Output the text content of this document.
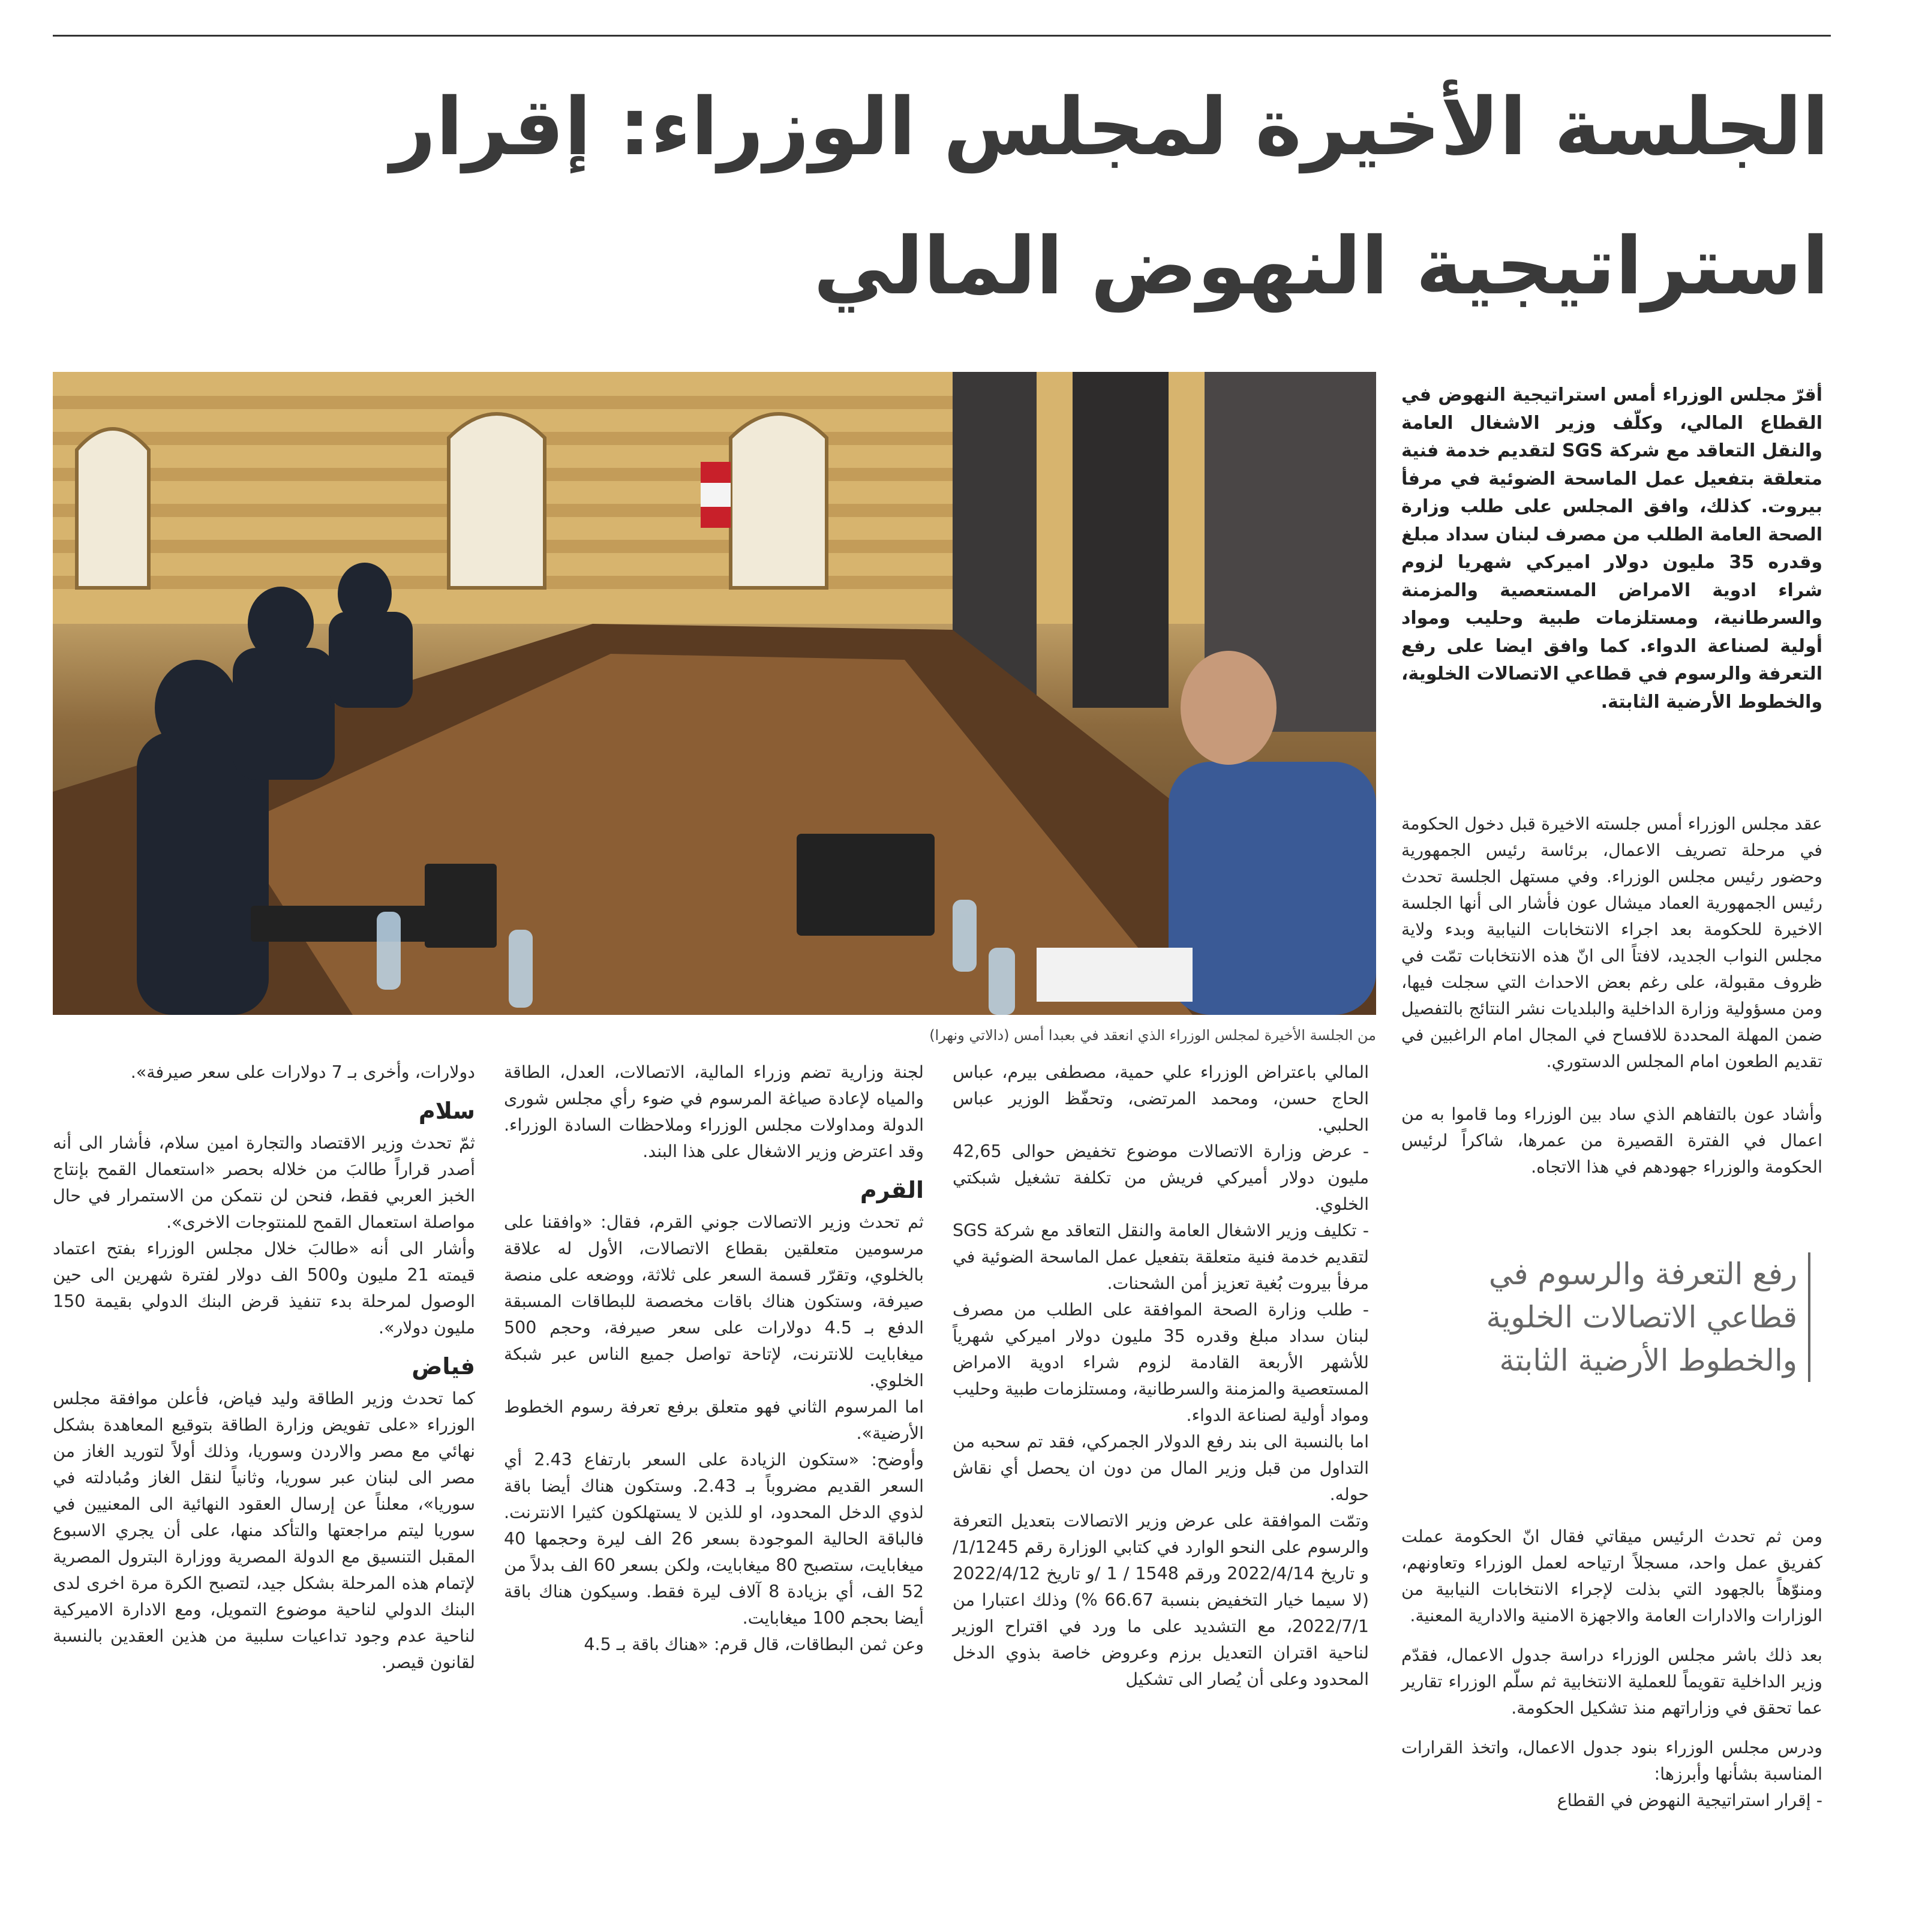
الجلسة الأخيرة لمجلس الوزراء: إقرار استراتيجية النهوض المالي

من الجلسة الأخيرة لمجلس الوزراء الذي انعقد في بعبدا أمس (دالاتي ونهرا)

أقرّ مجلس الوزراء أمس استراتيجية النهوض في القطاع المالي، وكلّف وزير الاشغال العامة والنقل التعاقد مع شركة SGS لتقديم خدمة فنية متعلقة بتفعيل عمل الماسحة الضوئية في مرفأ بيروت. كذلك، وافق المجلس على طلب وزارة الصحة العامة الطلب من مصرف لبنان سداد مبلغ وقدره 35 مليون دولار اميركي شهريا لزوم شراء ادوية الامراض المستعصية والمزمنة والسرطانية، ومستلزمات طبية وحليب ومواد أولية لصناعة الدواء. كما وافق ايضا على رفع التعرفة والرسوم في قطاعي الاتصالات الخلوية، والخطوط الأرضية الثابتة.

عقد مجلس الوزراء أمس جلسته الاخيرة قبل دخول الحكومة في مرحلة تصريف الاعمال، برئاسة رئيس الجمهورية وحضور رئيس مجلس الوزراء. وفي مستهل الجلسة تحدث رئيس الجمهورية العماد ميشال عون فأشار الى أنها الجلسة الاخيرة للحكومة بعد اجراء الانتخابات النيابية وبدء ولاية مجلس النواب الجديد، لافتاً الى انّ هذه الانتخابات تمّت في ظروف مقبولة، على رغم بعض الاحداث التي سجلت فيها، ومن مسؤولية وزارة الداخلية والبلديات نشر النتائج بالتفصيل ضمن المهلة المحددة للافساح في المجال امام الراغبين في تقديم الطعون امام المجلس الدستوري.

وأشاد عون بالتفاهم الذي ساد بين الوزراء وما قاموا به من اعمال في الفترة القصيرة من عمرها، شاكراً لرئيس الحكومة والوزراء جهودهم في هذا الاتجاه.

رفع التعرفة والرسوم في قطاعي الاتصالات الخلوية والخطوط الأرضية الثابتة

ومن ثم تحدث الرئيس ميقاتي فقال انّ الحكومة عملت كفريق عمل واحد، مسجلاً ارتياحه لعمل الوزراء وتعاونهم، ومنوّهاً بالجهود التي بذلت لإجراء الانتخابات النيابية من الوزارات والادارات العامة والاجهزة الامنية والادارية المعنية.

بعد ذلك باشر مجلس الوزراء دراسة جدول الاعمال، فقدّم وزير الداخلية تقويماً للعملية الانتخابية ثم سلّم الوزراء تقارير عما تحقق في وزاراتهم منذ تشكيل الحكومة.

ودرس مجلس الوزراء بنود جدول الاعمال، واتخذ القرارات المناسبة بشأنها وأبرزها:

- إقرار استراتيجية النهوض في القطاع

المالي باعتراض الوزراء علي حمية، مصطفى بيرم، عباس الحاج حسن، ومحمد المرتضى، وتحفّظ الوزير عباس الحلبي.

- عرض وزارة الاتصالات موضوع تخفيض حوالى 42,65 مليون دولار أميركي فريش من تكلفة تشغيل شبكتي الخلوي.

- تكليف وزير الاشغال العامة والنقل التعاقد مع شركة SGS لتقديم خدمة فنية متعلقة بتفعيل عمل الماسحة الضوئية في مرفأ بيروت بُغية تعزيز أمن الشحنات.

- طلب وزارة الصحة الموافقة على الطلب من مصرف لبنان سداد مبلغ وقدره 35 مليون دولار اميركي شهرياً للأشهر الأربعة القادمة لزوم شراء ادوية الامراض المستعصية والمزمنة والسرطانية، ومستلزمات طبية وحليب ومواد أولية لصناعة الدواء.

اما بالنسبة الى بند رفع الدولار الجمركي، فقد تم سحبه من التداول من قبل وزير المال من دون ان يحصل أي نقاش حوله.

وتمّت الموافقة على عرض وزير الاتصالات بتعديل التعرفة والرسوم على النحو الوارد في كتابي الوزارة رقم 1/1245/و تاريخ 2022/4/14 ورقم 1548 / 1 /و تاريخ 2022/4/12 (لا سيما خيار التخفيض بنسبة 66.67 %) وذلك اعتبارا من 2022/7/1، مع التشديد على ما ورد في اقتراح الوزير لناحية اقتران التعديل برزم وعروض خاصة بذوي الدخل المحدود وعلى أن يُصار الى تشكيل

لجنة وزارية تضم وزراء المالية، الاتصالات، العدل، الطاقة والمياه لإعادة صياغة المرسوم في ضوء رأي مجلس شورى الدولة ومداولات مجلس الوزراء وملاحظات السادة الوزراء. وقد اعترض وزير الاشغال على هذا البند.

القرم

ثم تحدث وزير الاتصالات جوني القرم، فقال: «وافقنا على مرسومين متعلقين بقطاع الاتصالات، الأول له علاقة بالخلوي، وتقرّر قسمة السعر على ثلاثة، ووضعه على منصة صيرفة، وستكون هناك باقات مخصصة للبطاقات المسبقة الدفع بـ 4.5 دولارات على سعر صيرفة، وحجم 500 ميغابايت للانترنت، لإتاحة تواصل جميع الناس عبر شبكة الخلوي.

اما المرسوم الثاني فهو متعلق برفع تعرفة رسوم الخطوط الأرضية».

وأوضح: «ستكون الزيادة على السعر بارتفاع 2.43 أي السعر القديم مضروباً بـ 2.43. وستكون هناك أيضا باقة لذوي الدخل المحدود، او للذين لا يستهلكون كثيرا الانترنت. فالباقة الحالية الموجودة بسعر 26 الف ليرة وحجمها 40 ميغابايت، ستصبح 80 ميغابايت، ولكن بسعر 60 الف بدلاً من 52 الف، أي بزيادة 8 آلاف ليرة فقط. وسيكون هناك باقة أيضا بحجم 100 ميغابايت.

وعن ثمن البطاقات، قال قرم: «هناك باقة بـ 4.5

دولارات، وأخرى بـ 7 دولارات على سعر صيرفة».

سلام

ثمّ تحدث وزير الاقتصاد والتجارة امين سلام، فأشار الى أنه أصدر قراراً طالبَ من خلاله بحصر «استعمال القمح بإنتاج الخبز العربي فقط، فنحن لن نتمكن من الاستمرار في حال مواصلة استعمال القمح للمنتوجات الاخرى».

وأشار الى أنه «طالبَ خلال مجلس الوزراء بفتح اعتماد قيمته 21 مليون و500 الف دولار لفترة شهرين الى حين الوصول لمرحلة بدء تنفيذ قرض البنك الدولي بقيمة 150 مليون دولار».

فياض

كما تحدث وزير الطاقة وليد فياض، فأعلن موافقة مجلس الوزراء «على تفويض وزارة الطاقة بتوقيع المعاهدة بشكل نهائي مع مصر والاردن وسوريا، وذلك أولاً لتوريد الغاز من مصر الى لبنان عبر سوريا، وثانياً لنقل الغاز ومُبادلته في سوريا»، معلناً عن إرسال العقود النهائية الى المعنيين في سوريا ليتم مراجعتها والتأكد منها، على أن يجري الاسبوع المقبل التنسيق مع الدولة المصرية ووزارة البترول المصرية لإتمام هذه المرحلة بشكل جيد، لتصبح الكرة مرة اخرى لدى البنك الدولي لناحية موضوع التمويل، ومع الادارة الاميركية لناحية عدم وجود تداعيات سلبية من هذين العقدين بالنسبة لقانون قيصر.
